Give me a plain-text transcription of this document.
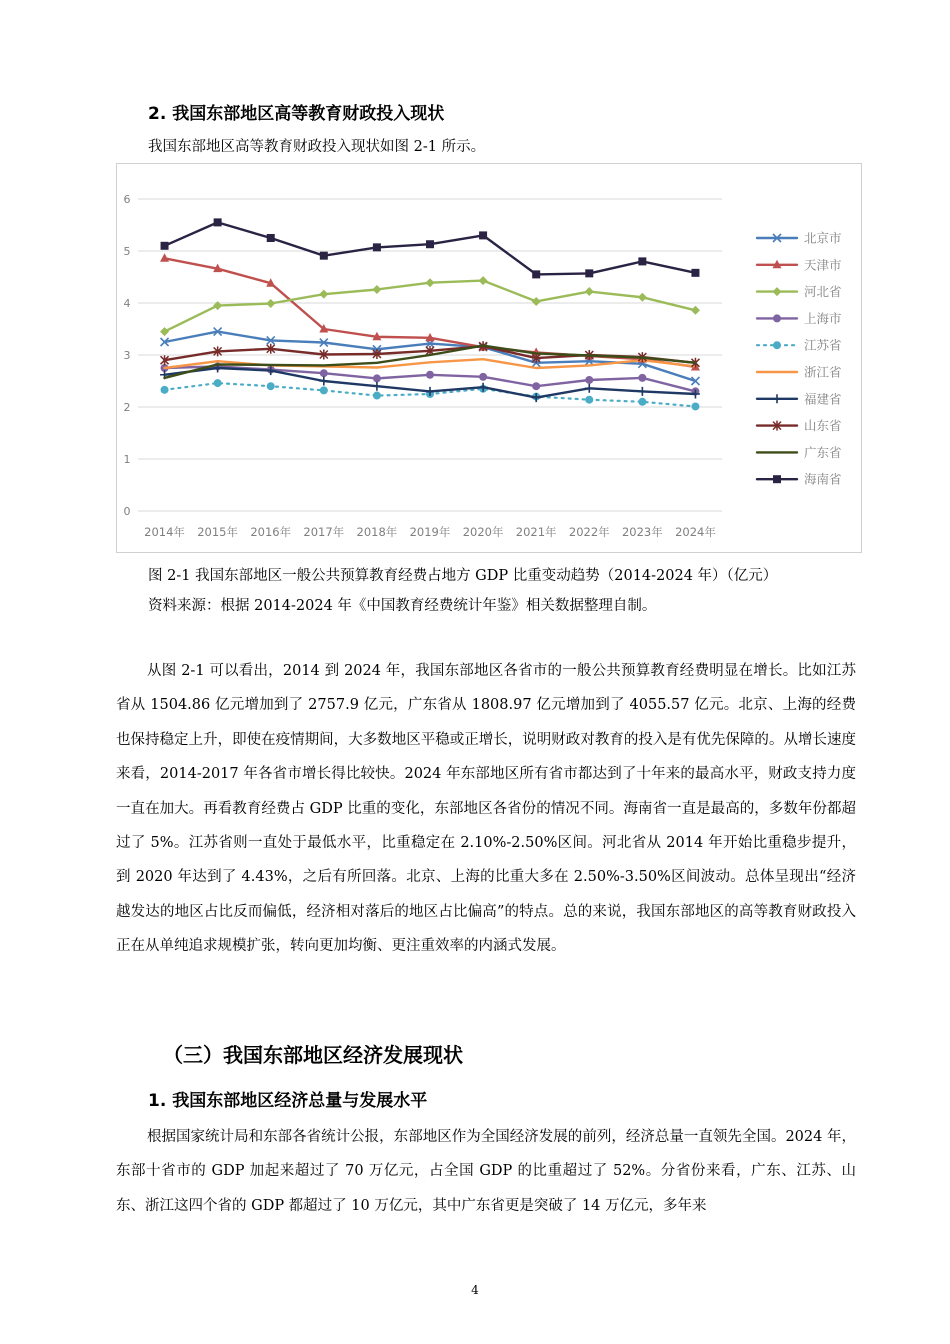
2. 我国东部地区高等教育财政投入现状

我国东部地区高等教育财政投入现状如图 2-1 所示。

0
1
2
3
4
5
6
2014年 2015年 2016年 2017年 2018年 2019年 2020年 2021年 2022年 2023年 2024年
北京市
天津市
河北省
上海市
江苏省
浙江省
福建省
山东省
广东省
海南省

图 2-1 我国东部地区一般公共预算教育经费占地方 GDP 比重变动趋势（2014-2024 年）（亿元）

资料来源：根据 2014-2024 年《中国教育经费统计年鉴》相关数据整理自制。

从图 2-1 可以看出，2014 到 2024 年，我国东部地区各省市的一般公共预算教育经费明显在增长。比如江苏省从 1504.86 亿元增加到了 2757.9 亿元，广东省从 1808.97 亿元增加到了 4055.57 亿元。北京、上海的经费也保持稳定上升，即使在疫情期间，大多数地区平稳或正增长，说明财政对教育的投入是有优先保障的。从增长速度来看，2014-2017 年各省市增长得比较快。2024 年东部地区所有省市都达到了十年来的最高水平，财政支持力度一直在加大。再看教育经费占 GDP 比重的变化，东部地区各省份的情况不同。海南省一直是最高的，多数年份都超过了 5%。江苏省则一直处于最低水平，比重稳定在 2.10%-2.50%区间。河北省从 2014 年开始比重稳步提升，到 2020 年达到了 4.43%，之后有所回落。北京、上海的比重大多在 2.50%-3.50%区间波动。总体呈现出“经济越发达的地区占比反而偏低，经济相对落后的地区占比偏高”的特点。总的来说，我国东部地区的高等教育财政投入正在从单纯追求规模扩张，转向更加均衡、更注重效率的内涵式发展。

（三）我国东部地区经济发展现状
1. 我国东部地区经济总量与发展水平

根据国家统计局和东部各省统计公报，东部地区作为全国经济发展的前列，经济总量一直领先全国。2024 年，东部十省市的 GDP 加起来超过了 70 万亿元，占全国 GDP 的比重超过了 52%。分省份来看，广东、江苏、山东、浙江这四个省的 GDP 都超过了 10 万亿元，其中广东省更是突破了 14 万亿元，多年来

4
